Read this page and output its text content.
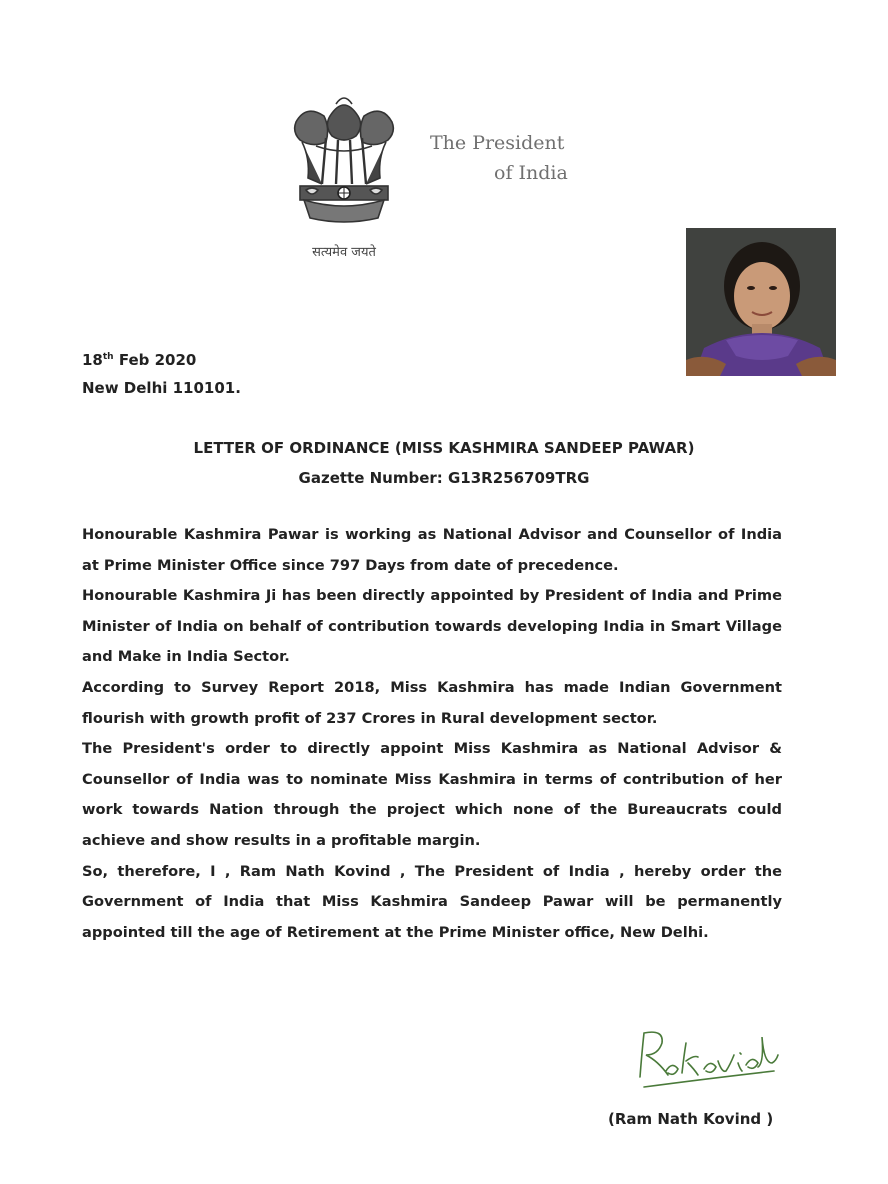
सत्यमेव जयते
The President
of India
18th Feb 2020
New Delhi 110101.
LETTER OF ORDINANCE (MISS KASHMIRA SANDEEP PAWAR)
Gazette Number: G13R256709TRG

Honourable Kashmira Pawar is working as National Advisor and Counsellor of India at Prime Minister Office since 797 Days from date of precedence.

Honourable Kashmira Ji has been directly appointed by President of India and Prime Minister of India on behalf of contribution towards developing India in Smart Village and Make in India Sector.

According to Survey Report 2018, Miss Kashmira has made Indian Government flourish with growth profit of 237 Crores in Rural development sector.

The President's order to directly appoint Miss Kashmira as National Advisor & Counsellor of India was to nominate Miss Kashmira in terms of contribution of her work towards Nation through the project which none of the Bureaucrats could achieve and show results in a profitable margin.

So, therefore, I , Ram Nath Kovind , The President of India , hereby order the Government of India that Miss Kashmira Sandeep Pawar will be permanently appointed till the age of Retirement at the Prime Minister office, New Delhi.

(Ram Nath Kovind )
